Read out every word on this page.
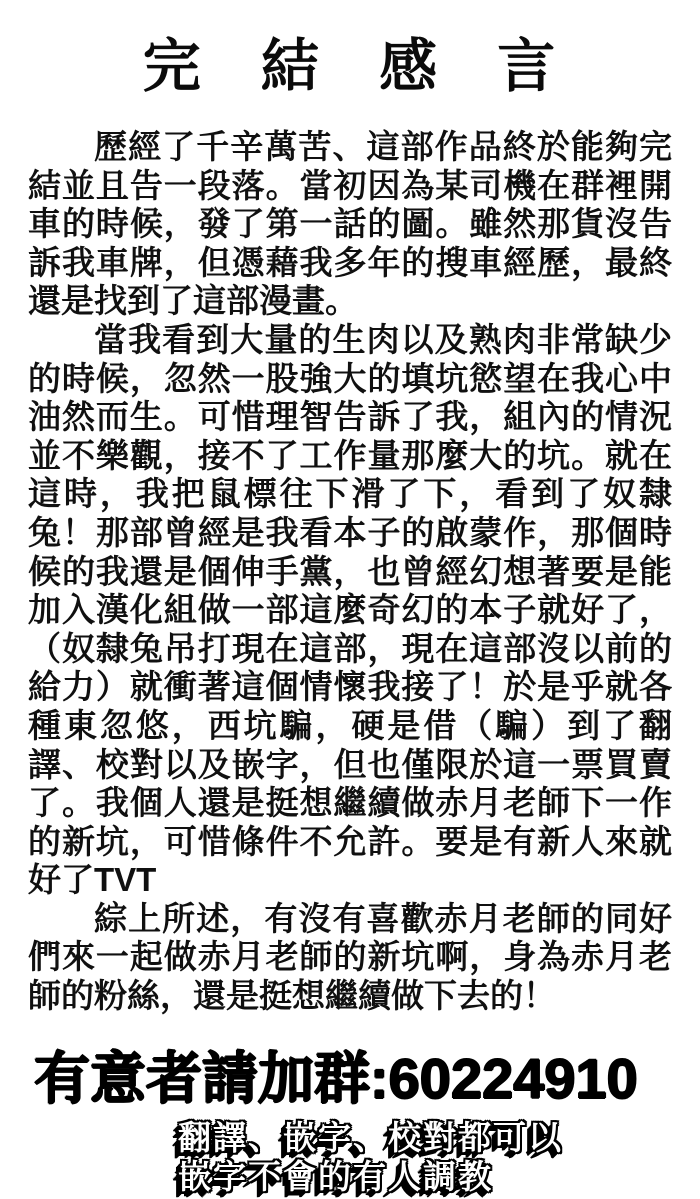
完 結 感 言

歷經了千辛萬苦、這部作品終於能夠完結並且告一段落。當初因為某司機在群裡開車的時候，發了第一話的圖。雖然那貨沒告訴我車牌，但憑藉我多年的搜車經歷，最終還是找到了這部漫畫。

當我看到大量的生肉以及熟肉非常缺少的時候，忽然一股強大的填坑慾望在我心中油然而生。可惜理智告訴了我，組內的情況並不樂觀，接不了工作量那麼大的坑。就在這時，我把鼠標往下滑了下，看到了奴隸兔！那部曾經是我看本子的啟蒙作，那個時候的我還是個伸手黨，也曾經幻想著要是能加入漢化組做一部這麼奇幻的本子就好了，（奴隸兔吊打現在這部，現在這部沒以前的給力）就衝著這個情懷我接了！於是乎就各種東忽悠，西坑騙，硬是借（騙）到了翻譯、校對以及嵌字，但也僅限於這一票買賣了。我個人還是挺想繼續做赤月老師下一作的新坑，可惜條件不允許。要是有新人來就好了TVT

綜上所述，有沒有喜歡赤月老師的同好們來一起做赤月老師的新坑啊，身為赤月老師的粉絲，還是挺想繼續做下去的！

有意者請加群:60224910
翻譯、嵌字、校對都可以
嵌字不會的有人調教
